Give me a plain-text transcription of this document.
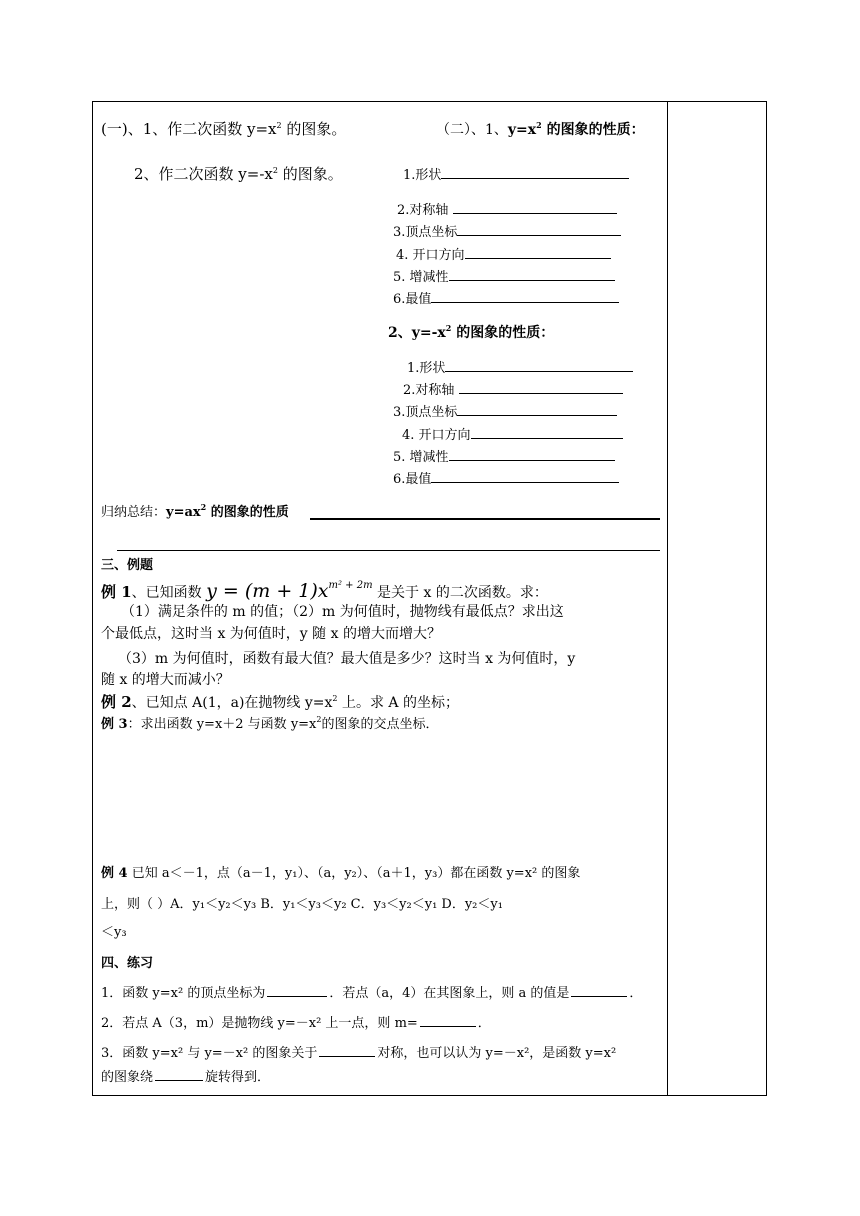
(一)、1、作二次函数 $y=x^2$ 的图象。
2、作二次函数 $y=-x^2$ 的图象。
（二）、1、$y=x^2$ 的图象的性质：
1.形状
2.对称轴
3.顶点坐标
4. 开口方向
5. 增减性
6.最值
2、$y=-x^2$ 的图象的性质：
1.形状
2.对称轴
3.顶点坐标
4. 开口方向
5. 增减性
6.最值
归纳总结：$y=ax^2$ 的图象的性质
三、例题
例 1、已知函数 $y = (m + 1)x^{m^2 + 2m}$ 是关于 x 的二次函数。求：
（1）满足条件的 m 的值；（2）m 为何值时，抛物线有最低点？求出这
个最低点，这时当 x 为何值时，y 随 x 的增大而增大？
（3）m 为何值时，函数有最大值？最大值是多少？这时当 x 为何值时，y
随 x 的增大而减小？
例 2、已知点 A(1，a)在抛物线 $y=x^2$ 上。求 A 的坐标；
例 3：求出函数 y=x＋2 与函数 $y=x^2$的图象的交点坐标．
例 4 已知 a＜－1，点（a－1，y₁）、（a，y₂）、（a＋1，y₃）都在函数 y=x² 的图象
上，则（ ）A．y₁＜y₂＜y₃ B．y₁＜y₃＜y₂ C．y₃＜y₂＜y₁ D．y₂＜y₁
＜y₃
四、练习
1．函数 y=x² 的顶点坐标为	．若点（a，4）在其图象上，则 a 的值是	．
2．若点 A（3，m）是抛物线 y=－x² 上一点，则 m=	．
3．函数 y=x² 与 y=－x² 的图象关于	对称，也可以认为 y=－x²，是函数 y=x²
的图象绕	旋转得到．
